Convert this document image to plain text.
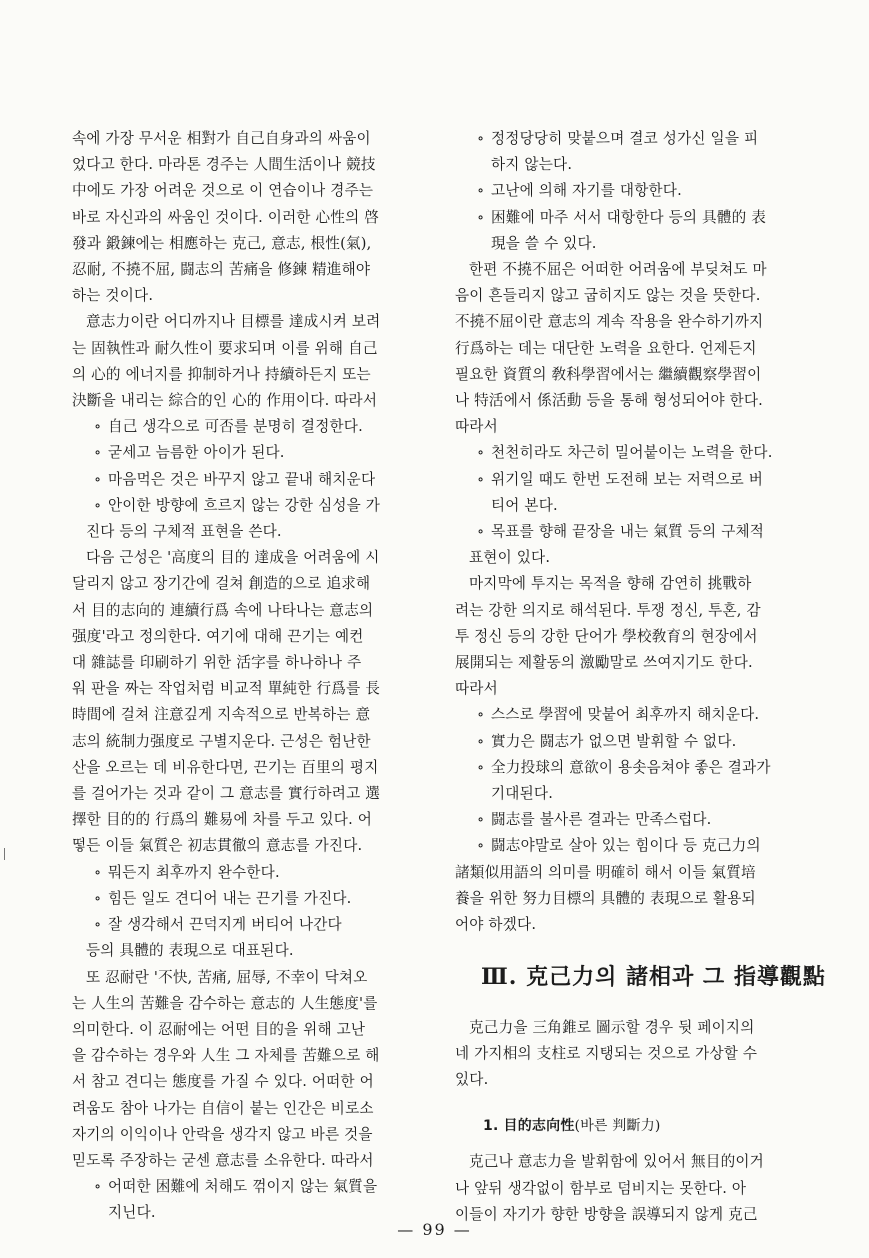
속에 가장 무서운 相對가 自己自身과의 싸움이
었다고 한다. 마라톤 경주는 人間生活이나 競技
中에도 가장 어려운 것으로 이 연습이나 경주는
바로 자신과의 싸움인 것이다. 이러한 心性의 啓
發과 鍛鍊에는 相應하는 克己, 意志, 根性(氣),
忍耐, 不撓不屈, 闘志의 苦痛을 修鍊 精進해야
하는 것이다.
意志力이란 어디까지나 目標를 達成시켜 보려
는 固執性과 耐久性이 要求되며 이를 위해 自己
의 心的 에너지를 抑制하거나 持續하든지 또는
決斷을 내리는 綜合的인 心的 作用이다. 따라서
∘ 自己 생각으로 可否를 분명히 결정한다.
∘ 굳세고 늠름한 아이가 된다.
∘ 마음먹은 것은 바꾸지 않고 끝내 해치운다
∘ 안이한 방향에 흐르지 않는 강한 심성을 가
진다 등의 구체적 표현을 쓴다.
다음 근성은 '高度의 目的 達成을 어려움에 시
달리지 않고 장기간에 걸쳐 創造的으로 追求해
서 目的志向的 連續行爲 속에 나타나는 意志의
强度'라고 정의한다. 여기에 대해 끈기는 예컨
대 雜誌를 印刷하기 위한 活字를 하나하나 주
워 판을 짜는 작업처럼 비교적 單純한 行爲를 長
時間에 걸쳐 注意깊게 지속적으로 반복하는 意
志의 統制力强度로 구별지운다. 근성은 험난한
산을 오르는 데 비유한다면, 끈기는 百里의 평지
를 걸어가는 것과 같이 그 意志를 實行하려고 選
擇한 目的的 行爲의 難易에 차를 두고 있다. 어
떻든 이들 氣質은 初志貫徹의 意志를 가진다.
∘ 뭐든지 최후까지 완수한다.
∘ 힘든 일도 견디어 내는 끈기를 가진다.
∘ 잘 생각해서 끈덕지게 버티어 나간다
등의 具體的 表現으로 대표된다.
또 忍耐란 '不快, 苦痛, 屈辱, 不幸이 닥쳐오
는 人生의 苦難을 감수하는 意志的 人生態度'를
의미한다. 이 忍耐에는 어떤 目的을 위해 고난
을 감수하는 경우와 人生 그 자체를 苦難으로 해
서 참고 견디는 態度를 가질 수 있다. 어떠한 어
려움도 참아 나가는 自信이 붙는 인간은 비로소
자기의 이익이나 안락을 생각지 않고 바른 것을
믿도록 주장하는 굳센 意志를 소유한다. 따라서
∘ 어떠한 困難에 처해도 꺾이지 않는 氣質을
지닌다.
∘ 정정당당히 맞붙으며 결코 성가신 일을 피
하지 않는다.
∘ 고난에 의해 자기를 대항한다.
∘ 困難에 마주 서서 대항한다 등의 具體的 表
現을 쓸 수 있다.
한편 不撓不屈은 어떠한 어려움에 부딪쳐도 마
음이 흔들리지 않고 굽히지도 않는 것을 뜻한다.
不撓不屈이란 意志의 계속 작용을 완수하기까지
行爲하는 데는 대단한 노력을 요한다. 언제든지
필요한 資質의 敎科學習에서는 繼續觀察學習이
나 特活에서 係活動 등을 통해 형성되어야 한다.
따라서
∘ 천천히라도 차근히 밀어붙이는 노력을 한다.
∘ 위기일 때도 한번 도전해 보는 저력으로 버
티어 본다.
∘ 목표를 향해 끝장을 내는 氣質 등의 구체적
표현이 있다.
마지막에 투지는 목적을 향해 감연히 挑戰하
려는 강한 의지로 해석된다. 투쟁 정신, 투혼, 감
투 정신 등의 강한 단어가 學校敎育의 현장에서
展開되는 제활동의 激勵말로 쓰여지기도 한다.
따라서
∘ 스스로 學習에 맞붙어 최후까지 해치운다.
∘ 實力은 闘志가 없으면 발휘할 수 없다.
∘ 全力投球의 意欲이 용솟음쳐야 좋은 결과가
기대된다.
∘ 闘志를 불사른 결과는 만족스럽다.
∘ 闘志야말로 살아 있는 힘이다 등 克己力의
諸類似用語의 의미를 明確히 해서 이들 氣質培
養을 위한 努力目標의 具體的 表現으로 활용되
어야 하겠다.
Ⅲ. 克己力의 諸相과 그 指導觀點
克己力을 三角錐로 圖示할 경우 뒷 페이지의
네 가지相의 支柱로 지탱되는 것으로 가상할 수
있다.
1. 目的志向性(바른 判斷力)
克己나 意志力을 발휘함에 있어서 無目的이거
나 앞뒤 생각없이 함부로 덤비지는 못한다. 아
이들이 자기가 향한 방향을 誤導되지 않게 克己
— 99 —
